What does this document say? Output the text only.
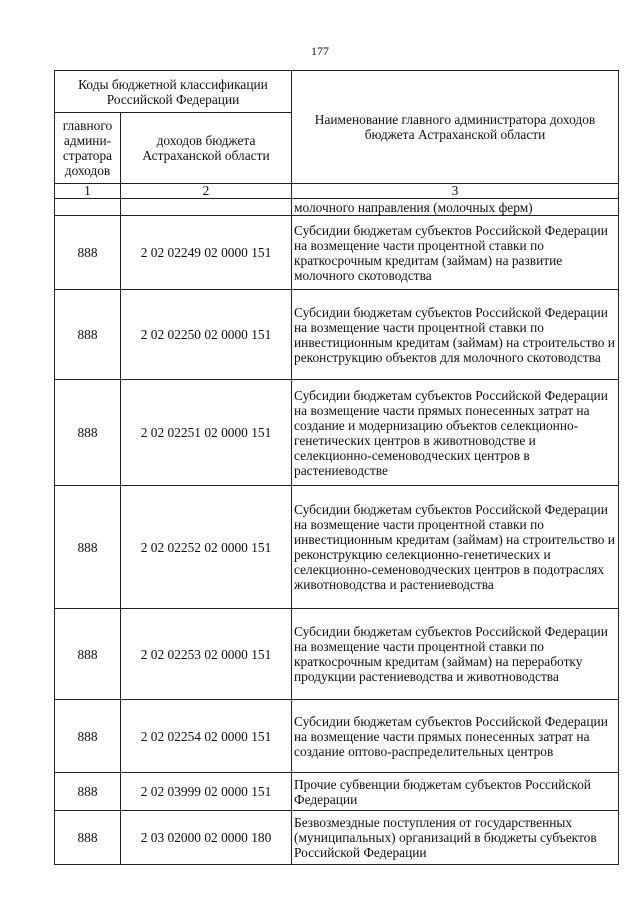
177
Коды бюджетной классификации Российской Федерации		Наименование главного администратора доходов бюджета Астраханской области
главного админи-стратора доходов	доходов бюджета Астраханской области	
1	2	3
		молочного направления (молочных ферм)
888	2 02 02249 02 0000 151	Субсидии бюджетам субъектов Российской Федерации на возмещение части процентной ставки по краткосрочным кредитам (займам) на развитие молочного скотоводства
888	2 02 02250 02 0000 151	Субсидии бюджетам субъектов Российской Федерации на возмещение части процентной ставки по инвестиционным кредитам (займам) на строительство и реконструкцию объектов для молочного скотоводства
888	2 02 02251 02 0000 151	Субсидии бюджетам субъектов Российской Федерации на возмещение части прямых понесенных затрат на создание и модернизацию объектов селекционно-генетических центров в животноводстве и селекционно-семеноводческих центров в растениеводстве
888	2 02 02252 02 0000 151	Субсидии бюджетам субъектов Российской Федерации на возмещение части процентной ставки по инвестиционным кредитам (займам) на строительство и реконструкцию селекционно-генетических и селекционно-семеноводческих центров в подотраслях животноводства и растениеводства
888	2 02 02253 02 0000 151	Субсидии бюджетам субъектов Российской Федерации на возмещение части процентной ставки по краткосрочным кредитам (займам) на переработку продукции растениеводства и животноводства
888	2 02 02254 02 0000 151	Субсидии бюджетам субъектов Российской Федерации на возмещение части прямых понесенных затрат на создание оптово-распределительных центров
888	2 02 03999 02 0000 151	Прочие субвенции бюджетам субъектов Российской Федерации
888	2 03 02000 02 0000 180	Безвозмездные поступления от государственных (муниципальных) организаций в бюджеты субъектов Российской Федерации
